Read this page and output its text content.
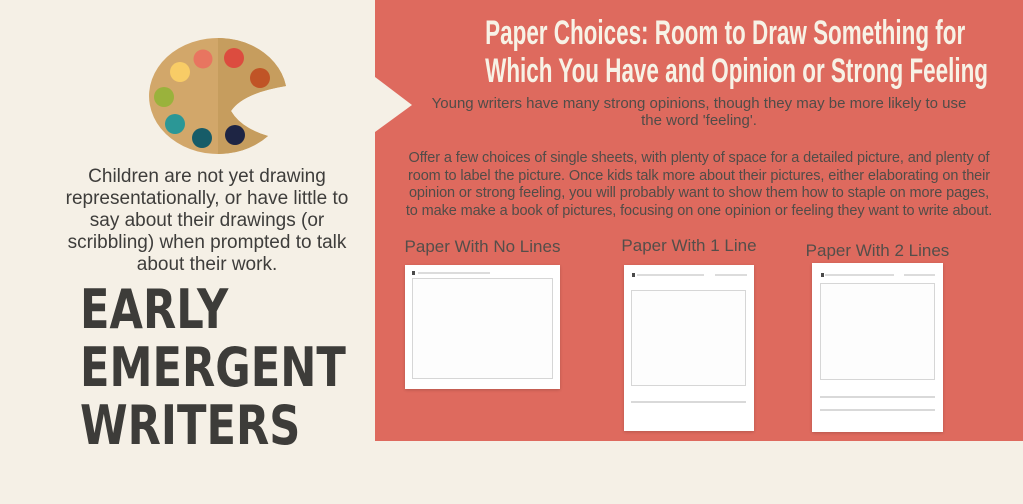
Children are not yet drawing representationally, or have little to say about their drawings (or scribbling) when prompted to talk about their work.
EARLY
EMERGENT
WRITERS
Paper Choices: Room to Draw Something for
Which You Have and Opinion or Strong Feeling
Young writers have many strong opinions, though they may be more likely to use the word 'feeling'.
Offer a few choices of single sheets, with plenty of space for a detailed picture, and plenty of room to label the picture. Once kids talk more about their pictures, either elaborating on their opinion or strong feeling, you will probably want to show them how to staple on more pages, to make make a book of pictures, focusing on one opinion or feeling they want to write about.
Paper With No Lines	Paper With 1 Line	Paper With 2 Lines
